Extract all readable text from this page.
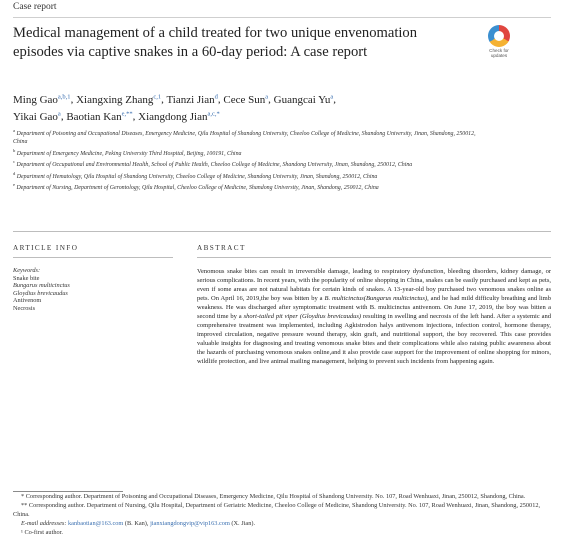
Case report
Medical management of a child treated for two unique envenomation episodes via captive snakes in a 60-day period: A case report	Check for
updates
Ming Gao$^{a,b,1}$, Xiangxing Zhang$^{c,1}$, Tianzi Jian$^d$, Cece Sun$^a$, Guangcai Yu$^a$,
Yikai Gao$^a$, Baotian Kan$^{e,**}$, Xiangdong Jian$^{a,c,*}$
$^a$ Department of Poisoning and Occupational Diseases, Emergency Medicine, Qilu Hospital of Shandong University, Cheeloo College of Medicine, Shandong University, Jinan, Shandong, 250012, China
$^b$ Department of Emergency Medicine, Peking University Third Hospital, Beijing, 100191, China
$^c$ Department of Occupational and Environmental Health, School of Public Health, Cheeloo College of Medicine, Shandong University, Jinan, Shandong, 250012, China
$^d$ Department of Hematology, Qilu Hospital of Shandong University, Cheeloo College of Medicine, Shandong University, Jinan, Shandong, 250012, China
$^e$ Department of Nursing, Department of Gerontology, Qilu Hospital, Cheeloo College of Medicine, Shandong University, Jinan, Shandong, 250012, China
ARTICLE INFO	ABSTRACT
Keywords:
Snake bite
Bungarus multicinctus
Gloydius brevicaudus
Antivenom
Necrosis
Venomous snake bites can result in irreversible damage, leading to respiratory dysfunction, bleeding disorders, kidney damage, or serious complications. In recent years, with the popularity of online shopping in China, snakes can be easily purchased and kept as pets, even if some areas are not natural habitats for certain kinds of snakes. A 13-year-old boy purchased two venomous snakes online as pets. On April 16, 2019,the boy was bitten by a B. multicinctus(Bungarus multicinctus), and he had mild difficulty breathing and limb weakness. He was discharged after symptomatic treatment with B. multicinctus antivenom. On June 17, 2019, the boy was bitten a second time by a short-tailed pit viper (Gloydius brevicaudus) resulting in swelling and necrosis of the left hand. After a systemic and comprehensive treatment was implemented, including Agkistrodon halys antivenom injections, infection control, hormone therapy, improved circulation, negative pressure wound therapy, skin graft, and nutritional support, the boy recovered. This case provides valuable insights for diagnosing and treating venomous snake bites and their complications while also raising public awareness about the hazards of purchasing venomous snakes online,and it also provide case support for the improvement of online shopping for minors, wildlife protection, and live animal mailing management, helping to prevent such incidents from happening again.
* Corresponding author. Department of Poisoning and Occupational Diseases, Emergency Medicine, Qilu Hospital of Shandong University. No. 107, Road Wenhuaxi, Jinan, 250012, Shandong, China.
** Corresponding author. Department of Nursing, Qilu Hospital, Department of Geriatric Medicine, Cheeloo College of Medicine, Shandong University. No. 107, Road Wenhuaxi, Jinan, Shandong, 250012, China.
E-mail addresses: kanbaotian@163.com (B. Kan), jianxiangdongvip@vip163.com (X. Jian).
¹ Co-first author.
